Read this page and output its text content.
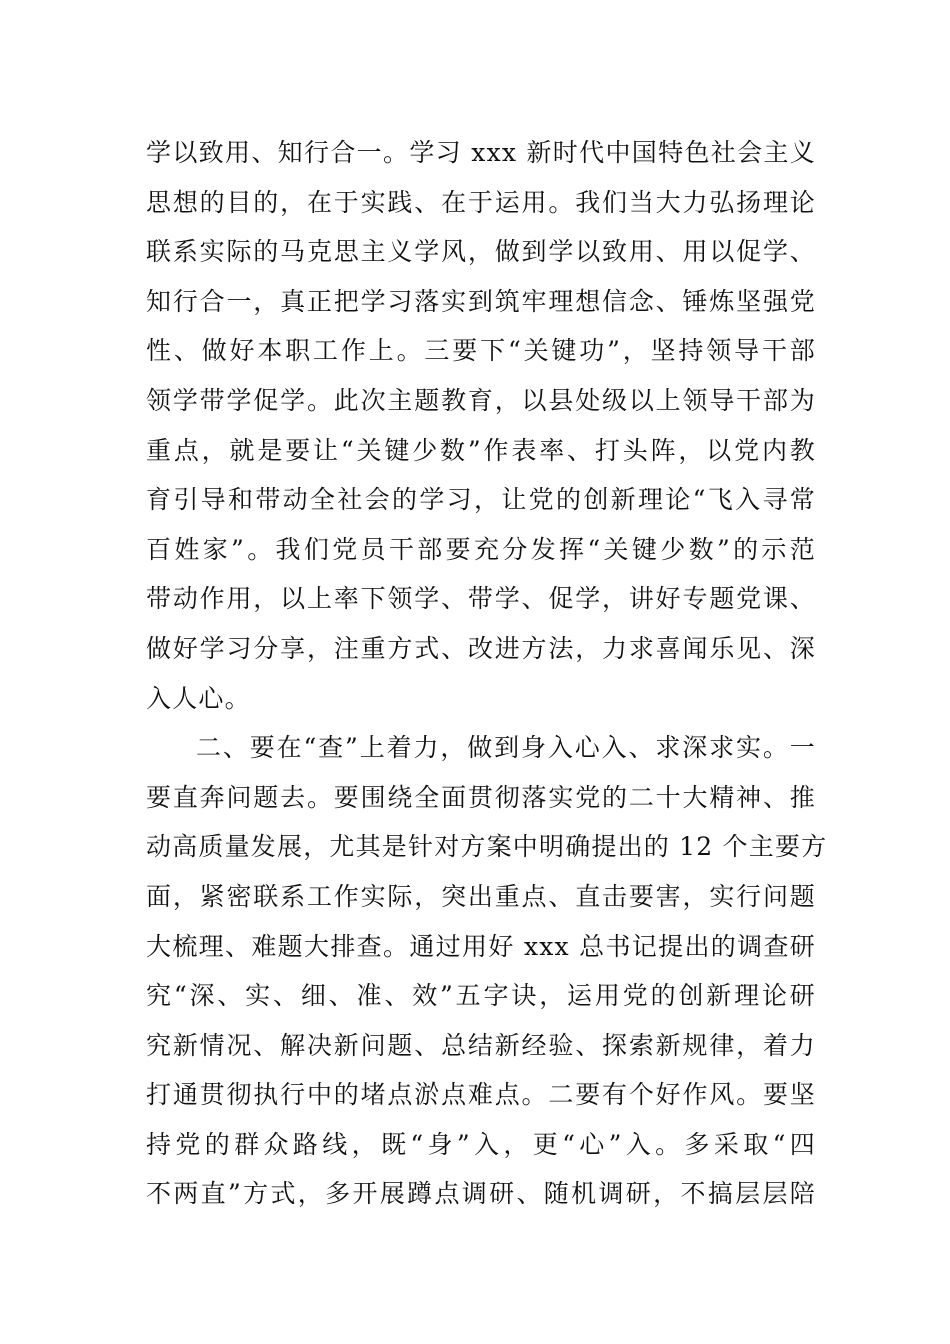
学以致用、知行合一。学习 xxx 新时代中国特色社会主义
思想的目的，在于实践、在于运用。我们当大力弘扬理论
联系实际的马克思主义学风，做到学以致用、用以促学、
知行合一，真正把学习落实到筑牢理想信念、锤炼坚强党
性、做好本职工作上。三要下“关键功”，坚持领导干部
领学带学促学。此次主题教育，以县处级以上领导干部为
重点，就是要让“关键少数”作表率、打头阵，以党内教
育引导和带动全社会的学习，让党的创新理论“飞入寻常
百姓家”。我们党员干部要充分发挥“关键少数”的示范
带动作用，以上率下领学、带学、促学，讲好专题党课、
做好学习分享，注重方式、改进方法，力求喜闻乐见、深
入人心。
二、要在“查”上着力，做到身入心入、求深求实。一
要直奔问题去。要围绕全面贯彻落实党的二十大精神、推
动高质量发展，尤其是针对方案中明确提出的 12 个主要方
面，紧密联系工作实际，突出重点、直击要害，实行问题
大梳理、难题大排查。通过用好 xxx 总书记提出的调查研
究“深、实、细、准、效”五字诀，运用党的创新理论研
究新情况、解决新问题、总结新经验、探索新规律，着力
打通贯彻执行中的堵点淤点难点。二要有个好作风。要坚
持党的群众路线，既“身”入，更“心”入。多采取“四
不两直”方式，多开展蹲点调研、随机调研，不搞层层陪
